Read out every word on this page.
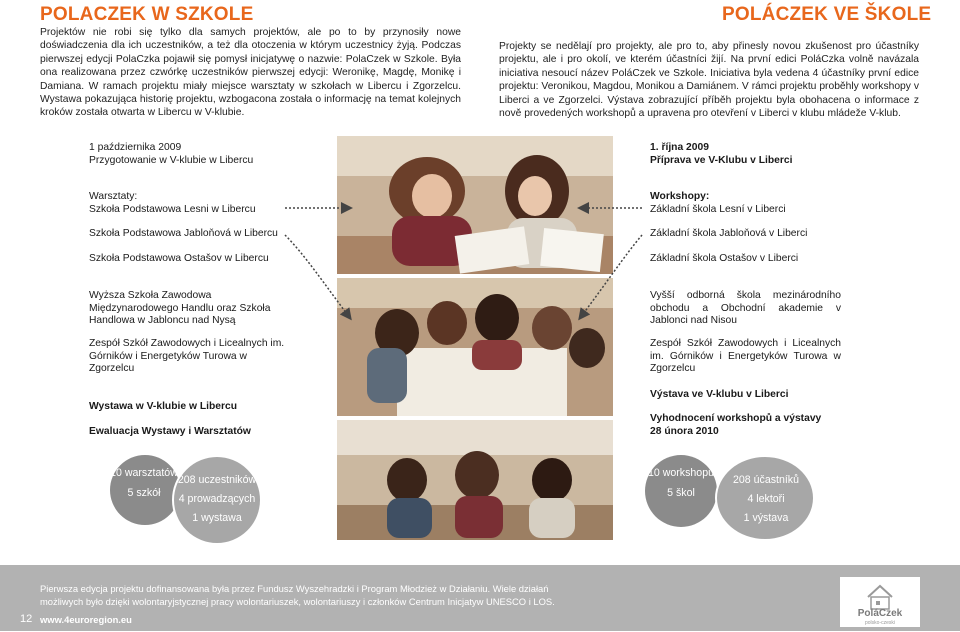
POLACZEK W SZKOLE
Projektów nie robi się tylko dla samych projektów, ale po to by przynosiły nowe doświadczenia dla ich uczestników, a też dla otoczenia w którym uczestnicy żyją. Podczas pierwszej edycji PolaCzka pojawił się pomysł inicjatywę o nazwie: PolaCzek w Szkole. Była ona realizowana przez czwórkę uczestników pierwszej edycji: Weronikę, Magdę, Monikę i Damiana. W ramach projektu miały miejsce warsztaty w szkołach w Libercu i Zgorzelcu. Wystawa pokazująca historię projektu, wzbogacona została o informację na temat kolejnych kroków została otwarta w Libercu w V-klubie.
1 października 2009
Przygotowanie w V-klubie w Libercu
Warsztaty:
Szkoła Podstawowa Lesni w Libercu
Szkoła Podstawowa Jabloňová w Libercu
Szkoła Podstawowa Ostašov w Libercu
Wyższa Szkoła Zawodowa Międzynarodowego Handlu oraz Szkoła Handlowa w Jabloncu nad Nysą
Zespół Szkół Zawodowych i Licealnych im. Górników i Energetyków Turowa w Zgorzelcu
Wystawa w V-klubie w Libercu
Ewaluacja Wystawy i Warsztatów
10 warsztatów
5 szkół
208 uczestników
4 prowadzących
1 wystawa
POLÁCZEK VE ŠKOLE
Projekty se nedělají pro projekty, ale pro to, aby přinesly novou zkušenost pro účastníky projektu, ale i pro okolí, ve kterém účastníci žijí. Na první edici PoláCzka volně navázala iniciativa nesoucí název PoláCzek ve Szkole. Iniciativa byla vedena 4 účastníky první edice projektu: Veronikou, Magdou, Monikou a Damiánem. V rámci projektu proběhly workshopy v Liberci a ve Zgorzelci. Výstava zobrazující příběh projektu byla obohacena o informace z nově provedených workshopů a upravena pro otevření v Liberci v klubu mládeže V-klub.
1. října 2009
Příprava ve V-Klubu v Liberci
Workshopy:
Základní škola Lesní v Liberci
Základní škola Jabloňová v Liberci
Základní škola Ostašov v Liberci
Vyšší odborná škola mezinárodního obchodu a Obchodní akademie v Jablonci nad Nisou
Zespół Szkół Zawodowych i Licealnych im. Górników i Energetyków Turowa w Zgorzelcu
Výstava ve V-klubu v Liberci
Vyhodnocení workshopů a výstavy
28 února 2010
10 workshopů
5 škol
208 účastníků
4 lektoři
1 výstava
Pierwsza edycja projektu dofinansowana była przez Fundusz Wyszehradzki i Program Młodzież w Działaniu. Wiele działań możliwych było dzięki wolontaryjstycznej pracy wolontariuszek, wolontariuszy i członków Centrum Inicjatyw UNESCO i LOS.
12 www.4euroregion.eu
PoláCzek
polsko-czeski
